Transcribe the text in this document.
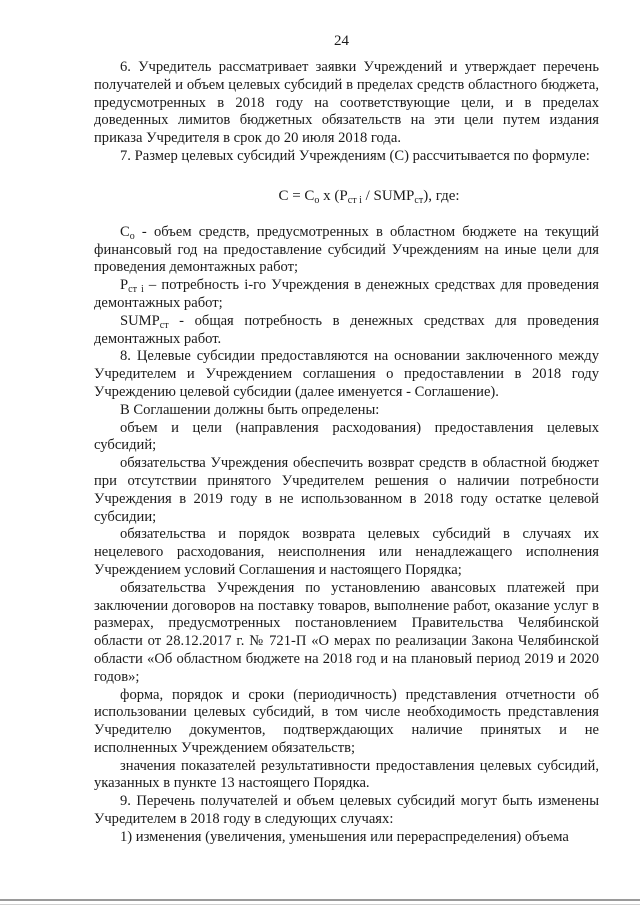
24

6. Учредитель рассматривает заявки Учреждений и утверждает перечень получателей и объем целевых субсидий в пределах средств областного бюджета, предусмотренных в 2018 году на соответствующие цели, и в пределах доведенных лимитов бюджетных обязательств на эти цели путем издания приказа Учредителя в срок до 20 июля 2018 года.

7. Размер целевых субсидий Учреждениям (С) рассчитывается по формуле:

$С = С_о$ х ($Р_{ст i}$ / $SUMP_{ст}$), где:

$С_о$ - объем средств, предусмотренных в областном бюджете на текущий финансовый год на предоставление субсидий Учреждениям на иные цели для проведения демонтажных работ;

$Р_{ст i}$ – потребность i-го Учреждения в денежных средствах для проведения демонтажных работ;

$SUMP_{ст}$ - общая потребность в денежных средствах для проведения демонтажных работ.

8. Целевые субсидии предоставляются на основании заключенного между Учредителем и Учреждением соглашения о предоставлении в 2018 году Учреждению целевой субсидии (далее именуется - Соглашение).

В Соглашении должны быть определены:

объем и цели (направления расходования) предоставления целевых субсидий;

обязательства Учреждения обеспечить возврат средств в областной бюджет при отсутствии принятого Учредителем решения о наличии потребности Учреждения в 2019 году в не использованном в 2018 году остатке целевой субсидии;

обязательства и порядок возврата целевых субсидий в случаях их нецелевого расходования, неисполнения или ненадлежащего исполнения Учреждением условий Соглашения и настоящего Порядка;

обязательства Учреждения по установлению авансовых платежей при заключении договоров на поставку товаров, выполнение работ, оказание услуг в размерах, предусмотренных постановлением Правительства Челябинской области от 28.12.2017 г. № 721-П «О мерах по реализации Закона Челябинской области «Об областном бюджете на 2018 год и на плановый период 2019 и 2020 годов»;

форма, порядок и сроки (периодичность) представления отчетности об использовании целевых субсидий, в том числе необходимость представления Учредителю документов, подтверждающих наличие принятых и не исполненных Учреждением обязательств;

значения показателей результативности предоставления целевых субсидий, указанных в пункте 13 настоящего Порядка.

9. Перечень получателей и объем целевых субсидий могут быть изменены Учредителем в 2018 году в следующих случаях:

1) изменения (увеличения, уменьшения или перераспределения) объема
